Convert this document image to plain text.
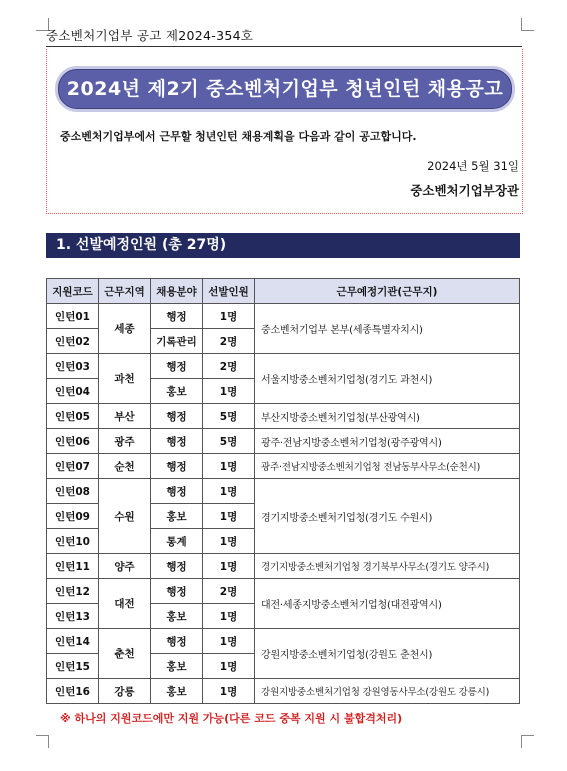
중소벤처기업부 공고 제2024-354호
2024년 제2기 중소벤처기업부 청년인턴 채용공고
중소벤처기업부에서 근무할 청년인턴 채용계획을 다음과 같이 공고합니다.
2024년 5월 31일
중소벤처기업부장관
1. 선발예정인원 (총 27명)
지원코드	근무지역	채용분야	선발인원	근무예정기관(근무지)
인턴01	세종	행정	1명	중소벤처기업부 본부(세종특별자치시)
인턴02		기록관리	2명	
인턴03	과천	행정	2명	서울지방중소벤처기업청(경기도 과천시)
인턴04		홍보	1명	
인턴05	부산	행정	5명	부산지방중소벤처기업청(부산광역시)
인턴06	광주	행정	5명	광주·전남지방중소벤처기업청(광주광역시)
인턴07	순천	행정	1명	광주·전남지방중소벤처기업청 전남동부사무소(순천시)
인턴08	수원	행정	1명	경기지방중소벤처기업청(경기도 수원시)
인턴09		홍보	1명	
인턴10		통계	1명	
인턴11	양주	행정	1명	경기지방중소벤처기업청 경기북부사무소(경기도 양주시)
인턴12	대전	행정	2명	대전·세종지방중소벤처기업청(대전광역시)
인턴13		홍보	1명	
인턴14	춘천	행정	1명	강원지방중소벤처기업청(강원도 춘천시)
인턴15		홍보	1명	
인턴16	강릉	홍보	1명	강원지방중소벤처기업청 강원영동사무소(강원도 강릉시)
※ 하나의 지원코드에만 지원 가능(다른 코드 중복 지원 시 불합격처리)
